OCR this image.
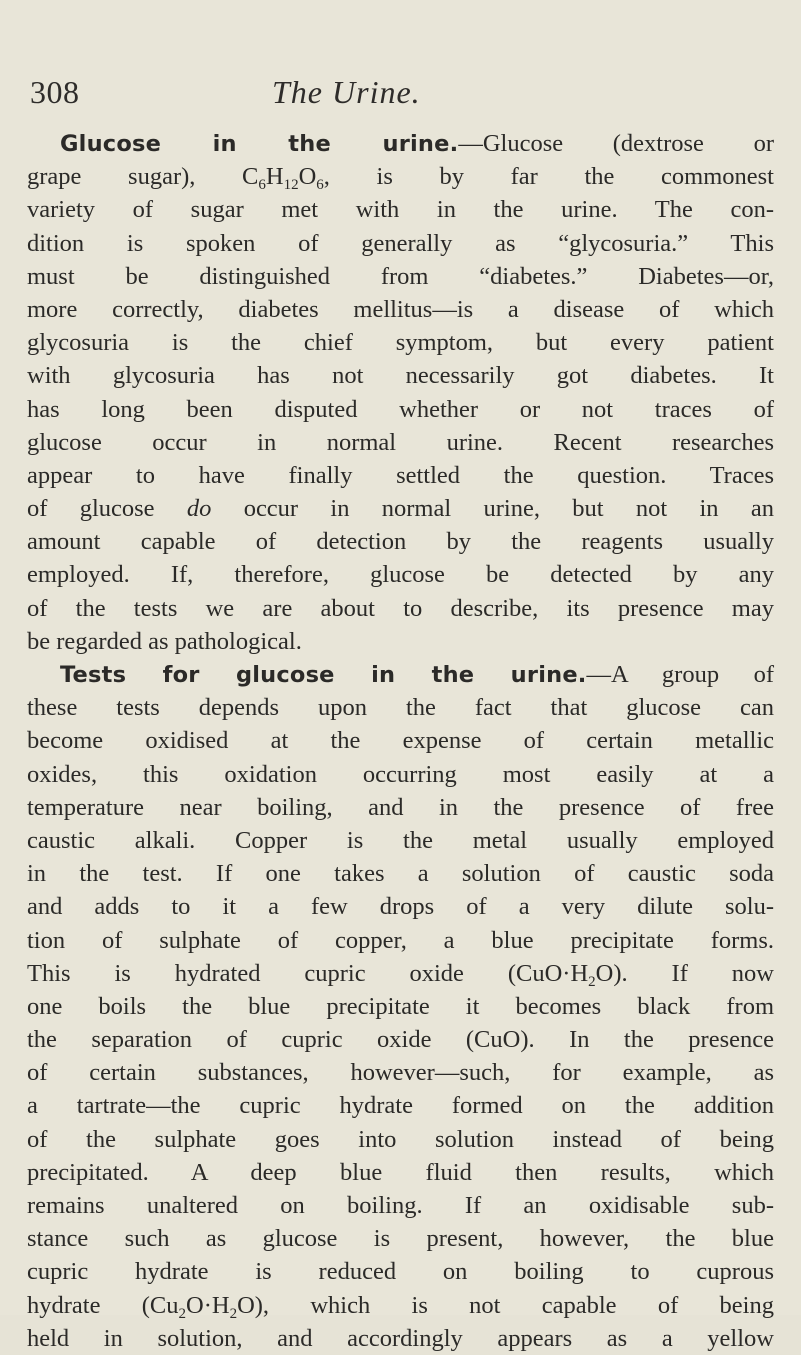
308	The Urine.
Glucose in the urine.—Glucose (dextrose or
grape sugar), $C_6H_{12}O_6$, is by far the commonest
variety of sugar met with in the urine. The con-
dition is spoken of generally as “glycosuria.” This
must be distinguished from “diabetes.” Diabetes—or,
more correctly, diabetes mellitus—is a disease of which
glycosuria is the chief symptom, but every patient
with glycosuria has not necessarily got diabetes. It
has long been disputed whether or not traces of
glucose occur in normal urine. Recent researches
appear to have finally settled the question. Traces
of glucose do occur in normal urine, but not in an
amount capable of detection by the reagents usually
employed. If, therefore, glucose be detected by any
of the tests we are about to describe, its presence may
be regarded as pathological.
Tests for glucose in the urine.—A group of
these tests depends upon the fact that glucose can
become oxidised at the expense of certain metallic
oxides, this oxidation occurring most easily at a
temperature near boiling, and in the presence of free
caustic alkali. Copper is the metal usually employed
in the test. If one takes a solution of caustic soda
and adds to it a few drops of a very dilute solu-
tion of sulphate of copper, a blue precipitate forms.
This is hydrated cupric oxide $(CuO\cdot H_2O)$. If now
one boils the blue precipitate it becomes black from
the separation of cupric oxide (CuO). In the presence
of certain substances, however—such, for example, as
a tartrate—the cupric hydrate formed on the addition
of the sulphate goes into solution instead of being
precipitated. A deep blue fluid then results, which
remains unaltered on boiling. If an oxidisable sub-
stance such as glucose is present, however, the blue
cupric hydrate is reduced on boiling to cuprous
hydrate $(Cu_2O\cdot H_2O)$, which is not capable of being
held in solution, and accordingly appears as a yellow
